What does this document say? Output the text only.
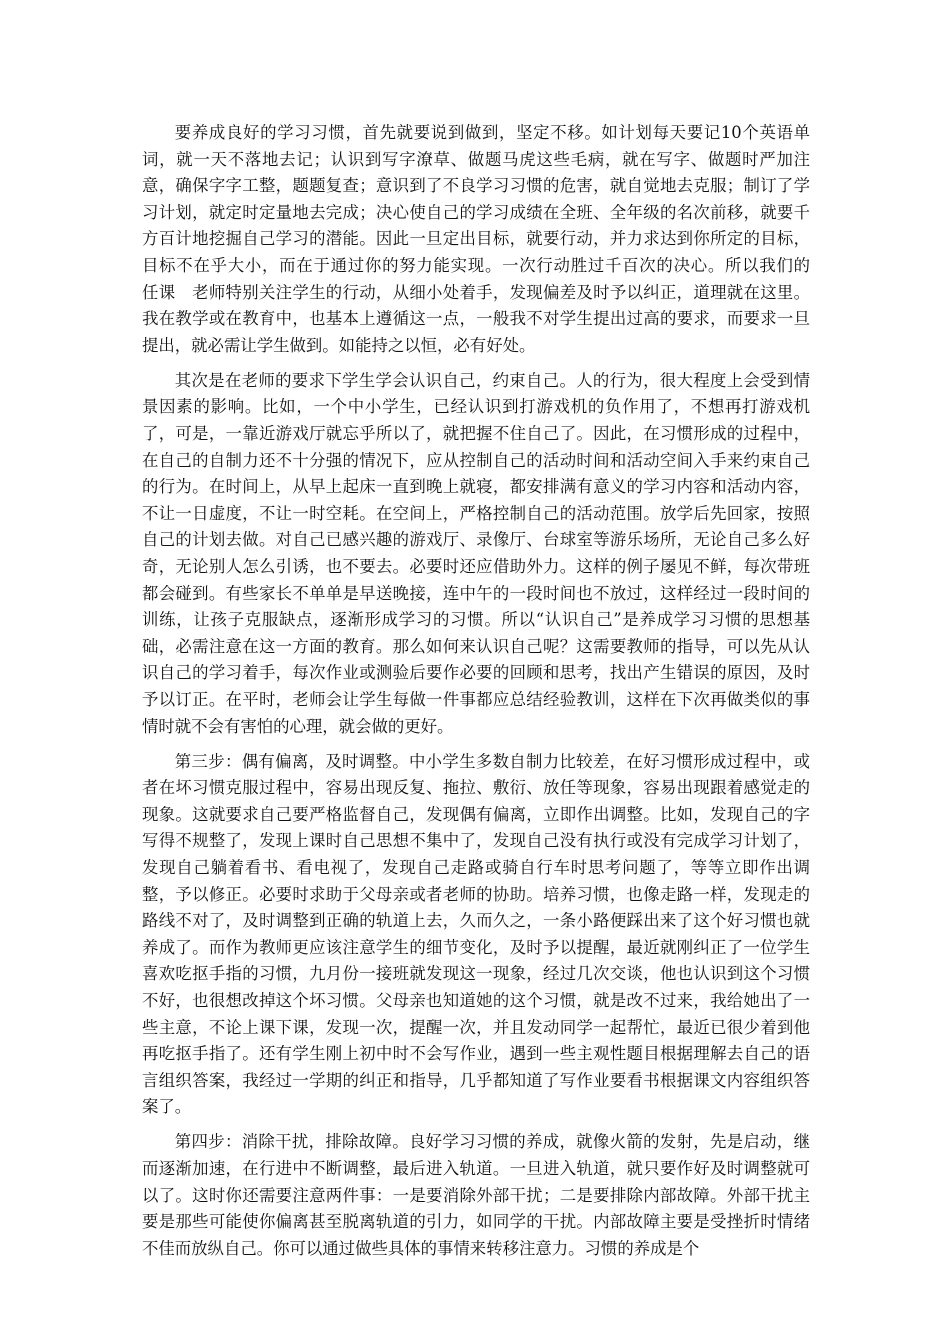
要养成良好的学习习惯，首先就要说到做到，坚定不移。如计划每天要记10个英语单词，就一天不落地去记；认识到写字潦草、做题马虎这些毛病，就在写字、做题时严加注意，确保字字工整，题题复查；意识到了不良学习习惯的危害，就自觉地去克服；制订了学习计划，就定时定量地去完成；决心使自己的学习成绩在全班、全年级的名次前移，就要千方百计地挖掘自己学习的潜能。因此一旦定出目标，就要行动，并力求达到你所定的目标，目标不在乎大小，而在于通过你的努力能实现。一次行动胜过千百次的决心。所以我们的　任课　老师特别关注学生的行动，从细小处着手，发现偏差及时予以纠正，道理就在这里。我在教学或在教育中，也基本上遵循这一点，一般我不对学生提出过高的要求，而要求一旦提出，就必需让学生做到。如能持之以恒，必有好处。

其次是在老师的要求下学生学会认识自己，约束自己。人的行为，很大程度上会受到情景因素的影响。比如，一个中小学生，已经认识到打游戏机的负作用了，不想再打游戏机了，可是，一靠近游戏厅就忘乎所以了，就把握不住自己了。因此，在习惯形成的过程中，在自己的自制力还不十分强的情况下，应从控制自己的活动时间和活动空间入手来约束自己的行为。在时间上，从早上起床一直到晚上就寝，都安排满有意义的学习内容和活动内容，不让一日虚度，不让一时空耗。在空间上，严格控制自己的活动范围。放学后先回家，按照自己的计划去做。对自己已感兴趣的游戏厅、录像厅、台球室等游乐场所，无论自己多么好奇，无论别人怎么引诱，也不要去。必要时还应借助外力。这样的例子屡见不鲜，每次带班都会碰到。有些家长不单单是早送晚接，连中午的一段时间也不放过，这样经过一段时间的训练，让孩子克服缺点，逐渐形成学习的习惯。所以“认识自己”是养成学习习惯的思想基础，必需注意在这一方面的教育。那么如何来认识自己呢？这需要教师的指导，可以先从认识自己的学习着手，每次作业或测验后要作必要的回顾和思考，找出产生错误的原因，及时予以订正。在平时，老师会让学生每做一件事都应总结经验教训，这样在下次再做类似的事情时就不会有害怕的心理，就会做的更好。

第三步：偶有偏离，及时调整。中小学生多数自制力比较差，在好习惯形成过程中，或者在坏习惯克服过程中，容易出现反复、拖拉、敷衍、放任等现象，容易出现跟着感觉走的现象。这就要求自己要严格监督自己，发现偶有偏离，立即作出调整。比如，发现自己的字写得不规整了，发现上课时自己思想不集中了，发现自己没有执行或没有完成学习计划了，发现自己躺着看书、看电视了，发现自己走路或骑自行车时思考问题了，等等立即作出调整，予以修正。必要时求助于父母亲或者老师的协助。培养习惯，也像走路一样，发现走的路线不对了，及时调整到正确的轨道上去，久而久之，一条小路便踩出来了这个好习惯也就养成了。而作为教师更应该注意学生的细节变化，及时予以提醒，最近就刚纠正了一位学生喜欢吃抠手指的习惯，九月份一接班就发现这一现象，经过几次交谈，他也认识到这个习惯不好，也很想改掉这个坏习惯。父母亲也知道她的这个习惯，就是改不过来，我给她出了一些主意，不论上课下课，发现一次，提醒一次，并且发动同学一起帮忙，最近已很少着到他再吃抠手指了。还有学生刚上初中时不会写作业，遇到一些主观性题目根据理解去自己的语言组织答案，我经过一学期的纠正和指导，几乎都知道了写作业要看书根据课文内容组织答案了。

第四步：消除干扰，排除故障。良好学习习惯的养成，就像火箭的发射，先是启动，继而逐渐加速，在行进中不断调整，最后进入轨道。一旦进入轨道，就只要作好及时调整就可以了。这时你还需要注意两件事：一是要消除外部干扰；二是要排除内部故障。外部干扰主要是那些可能使你偏离甚至脱离轨道的引力，如同学的干扰。内部故障主要是受挫折时情绪不佳而放纵自己。你可以通过做些具体的事情来转移注意力。习惯的养成是个
